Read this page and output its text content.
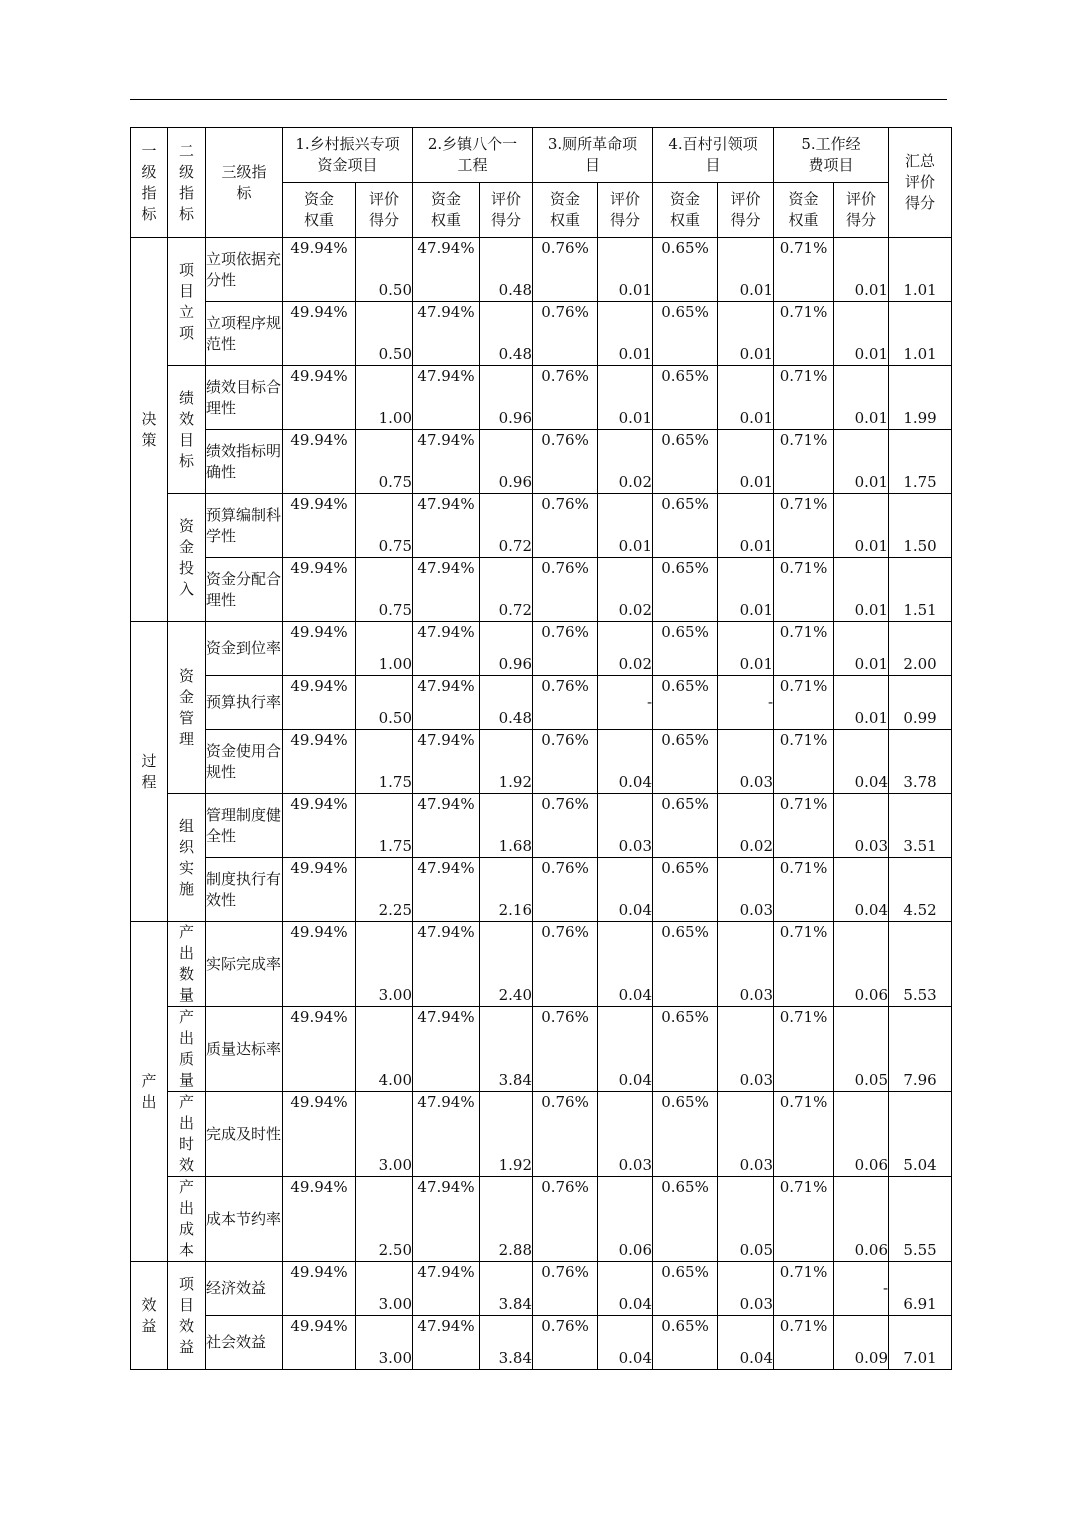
一级指标	二级指标	三级指标	1.乡村振兴专项资金项目		2.乡镇八个一工程		3.厕所革命项目		4.百村引领项目		5.工作经费项目		汇总评价得分
			资金权重	评价得分	资金权重	评价得分	资金权重	评价得分	资金权重	评价得分	资金权重	评价得分	
决策	项目立项	立项依据充分性	49.94%	0.50	47.94%	0.48	0.76%	0.01	0.65%	0.01	0.71%	0.01	1.01
		立项程序规范性	49.94%	0.50	47.94%	0.48	0.76%	0.01	0.65%	0.01	0.71%	0.01	1.01
	绩效目标	绩效目标合理性	49.94%	1.00	47.94%	0.96	0.76%	0.01	0.65%	0.01	0.71%	0.01	1.99
		绩效指标明确性	49.94%	0.75	47.94%	0.96	0.76%	0.02	0.65%	0.01	0.71%	0.01	1.75
	资金投入	预算编制科学性	49.94%	0.75	47.94%	0.72	0.76%	0.01	0.65%	0.01	0.71%	0.01	1.50
		资金分配合理性	49.94%	0.75	47.94%	0.72	0.76%	0.02	0.65%	0.01	0.71%	0.01	1.51
过程	资金管理	资金到位率	49.94%	1.00	47.94%	0.96	0.76%	0.02	0.65%	0.01	0.71%	0.01	2.00
		预算执行率	49.94%	0.50	47.94%	0.48	0.76%	-	0.65%	-	0.71%	0.01	0.99
		资金使用合规性	49.94%	1.75	47.94%	1.92	0.76%	0.04	0.65%	0.03	0.71%	0.04	3.78
	组织实施	管理制度健全性	49.94%	1.75	47.94%	1.68	0.76%	0.03	0.65%	0.02	0.71%	0.03	3.51
		制度执行有效性	49.94%	2.25	47.94%	2.16	0.76%	0.04	0.65%	0.03	0.71%	0.04	4.52
产出	产出数量	实际完成率	49.94%	3.00	47.94%	2.40	0.76%	0.04	0.65%	0.03	0.71%	0.06	5.53
	产出质量	质量达标率	49.94%	4.00	47.94%	3.84	0.76%	0.04	0.65%	0.03	0.71%	0.05	7.96
	产出时效	完成及时性	49.94%	3.00	47.94%	1.92	0.76%	0.03	0.65%	0.03	0.71%	0.06	5.04
	产出成本	成本节约率	49.94%	2.50	47.94%	2.88	0.76%	0.06	0.65%	0.05	0.71%	0.06	5.55
效益	项目效益	经济效益	49.94%	3.00	47.94%	3.84	0.76%	0.04	0.65%	0.03	0.71%	-	6.91
		社会效益	49.94%	3.00	47.94%	3.84	0.76%	0.04	0.65%	0.04	0.71%	0.09	7.01
